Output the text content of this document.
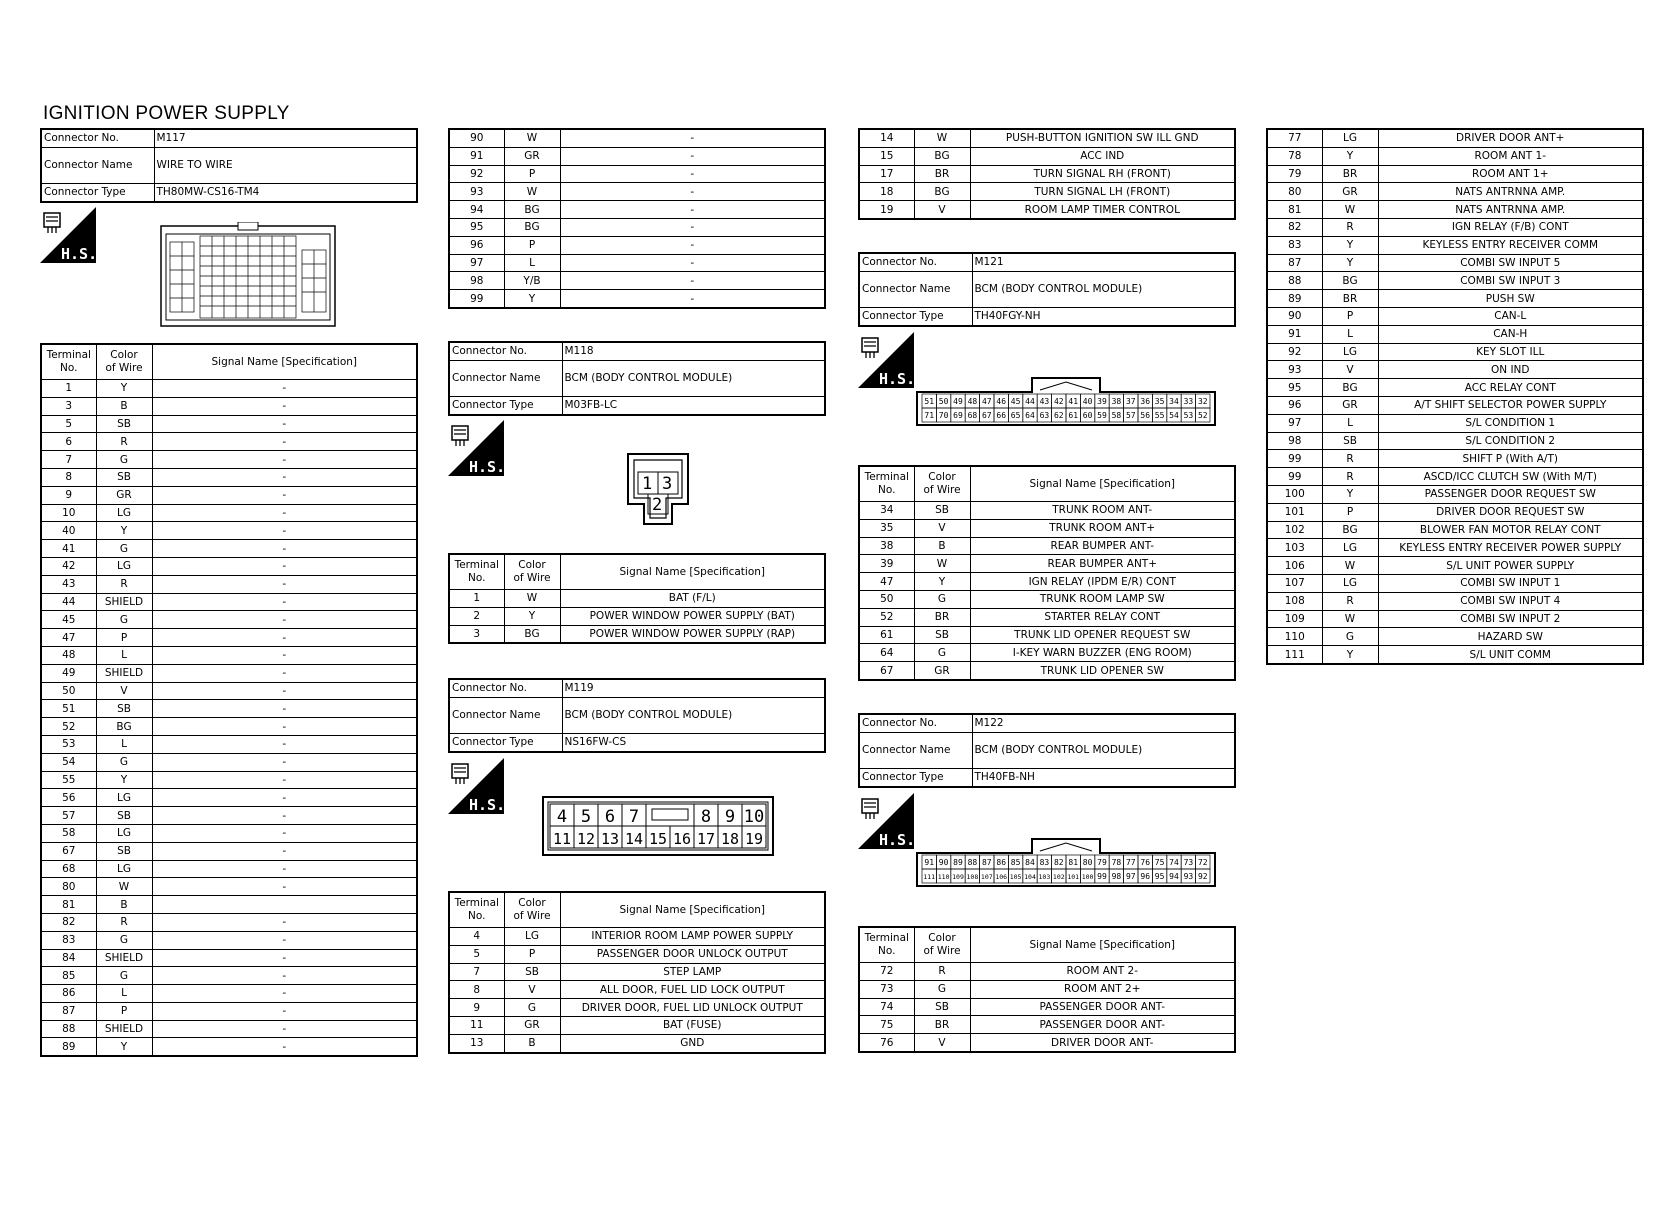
IGNITION POWER SUPPLY
Connector No.	M117
Connector Name	WIRE TO WIRE
Connector Type	TH80MW-CS16-TM4
H.S.
Terminal
No.	Color
of Wire	Signal Name [Specification]
1	Y	-
3	B	-
5	SB	-
6	R	-
7	G	-
8	SB	-
9	GR	-
10	LG	-
40	Y	-
41	G	-
42	LG	-
43	R	-
44	SHIELD	-
45	G	-
47	P	-
48	L	-
49	SHIELD	-
50	V	-
51	SB	-
52	BG	-
53	L	-
54	G	-
55	Y	-
56	LG	-
57	SB	-
58	LG	-
67	SB	-
68	LG	-
80	W	-
81	B	
82	R	-
83	G	-
84	SHIELD	-
85	G	-
86	L	-
87	P	-
88	SHIELD	-
89	Y	-
90	W	-
91	GR	-
92	P	-
93	W	-
94	BG	-
95	BG	-
96	P	-
97	L	-
98	Y/B	-
99	Y	-
Connector No.	M118
Connector Name	BCM (BODY CONTROL MODULE)
Connector Type	M03FB-LC
H.S.
1 3
2
Terminal
No.	Color
of Wire	Signal Name [Specification]
1	W	BAT (F/L)
2	Y	POWER WINDOW POWER SUPPLY (BAT)
3	BG	POWER WINDOW POWER SUPPLY (RAP)
Connector No.	M119
Connector Name	BCM (BODY CONTROL MODULE)
Connector Type	NS16FW-CS
H.S.
4 5 6 7	8 9 10
11 12 13 14 15 16 17 18 19
Terminal
No.	Color
of Wire	Signal Name [Specification]
4	LG	INTERIOR ROOM LAMP POWER SUPPLY
5	P	PASSENGER DOOR UNLOCK OUTPUT
7	SB	STEP LAMP
8	V	ALL DOOR, FUEL LID LOCK OUTPUT
9	G	DRIVER DOOR, FUEL LID UNLOCK OUTPUT
11	GR	BAT (FUSE)
13	B	GND
14	W	PUSH-BUTTON IGNITION SW ILL GND
15	BG	ACC IND
17	BR	TURN SIGNAL RH (FRONT)
18	BG	TURN SIGNAL LH (FRONT)
19	V	ROOM LAMP TIMER CONTROL
Connector No.	M121
Connector Name	BCM (BODY CONTROL MODULE)
Connector Type	TH40FGY-NH
H.S.
51 50 49 48 47 46 45 44 43 42 41 40 39 38 37 36 35 34 33 32
71 70 69 68 67 66 65 64 63 62 61 60 59 58 57 56 55 54 53 52
Terminal
No.	Color
of Wire	Signal Name [Specification]
34	SB	TRUNK ROOM ANT-
35	V	TRUNK ROOM ANT+
38	B	REAR BUMPER ANT-
39	W	REAR BUMPER ANT+
47	Y	IGN RELAY (IPDM E/R) CONT
50	G	TRUNK ROOM LAMP SW
52	BR	STARTER RELAY CONT
61	SB	TRUNK LID OPENER REQUEST SW
64	G	I-KEY WARN BUZZER (ENG ROOM)
67	GR	TRUNK LID OPENER SW
Connector No.	M122
Connector Name	BCM (BODY CONTROL MODULE)
Connector Type	TH40FB-NH
H.S.
91 90 89 88 87 86 85 84 83 82 81 80 79 78 77 76 75 74 73 72
111 110 109 108 107 106 105 104 103 102 101 100 99 98 97 96 95 94 93 92
Terminal
No.	Color
of Wire	Signal Name [Specification]
72	R	ROOM ANT 2-
73	G	ROOM ANT 2+
74	SB	PASSENGER DOOR ANT-
75	BR	PASSENGER DOOR ANT-
76	V	DRIVER DOOR ANT-
77	LG	DRIVER DOOR ANT+
78	Y	ROOM ANT 1-
79	BR	ROOM ANT 1+
80	GR	NATS ANTRNNA AMP.
81	W	NATS ANTRNNA AMP.
82	R	IGN RELAY (F/B) CONT
83	Y	KEYLESS ENTRY RECEIVER COMM
87	Y	COMBI SW INPUT 5
88	BG	COMBI SW INPUT 3
89	BR	PUSH SW
90	P	CAN-L
91	L	CAN-H
92	LG	KEY SLOT ILL
93	V	ON IND
95	BG	ACC RELAY CONT
96	GR	A/T SHIFT SELECTOR POWER SUPPLY
97	L	S/L CONDITION 1
98	SB	S/L CONDITION 2
99	R	SHIFT P (With A/T)
99	R	ASCD/ICC CLUTCH SW (With M/T)
100	Y	PASSENGER DOOR REQUEST SW
101	P	DRIVER DOOR REQUEST SW
102	BG	BLOWER FAN MOTOR RELAY CONT
103	LG	KEYLESS ENTRY RECEIVER POWER SUPPLY
106	W	S/L UNIT POWER SUPPLY
107	LG	COMBI SW INPUT 1
108	R	COMBI SW INPUT 4
109	W	COMBI SW INPUT 2
110	G	HAZARD SW
111	Y	S/L UNIT COMM
